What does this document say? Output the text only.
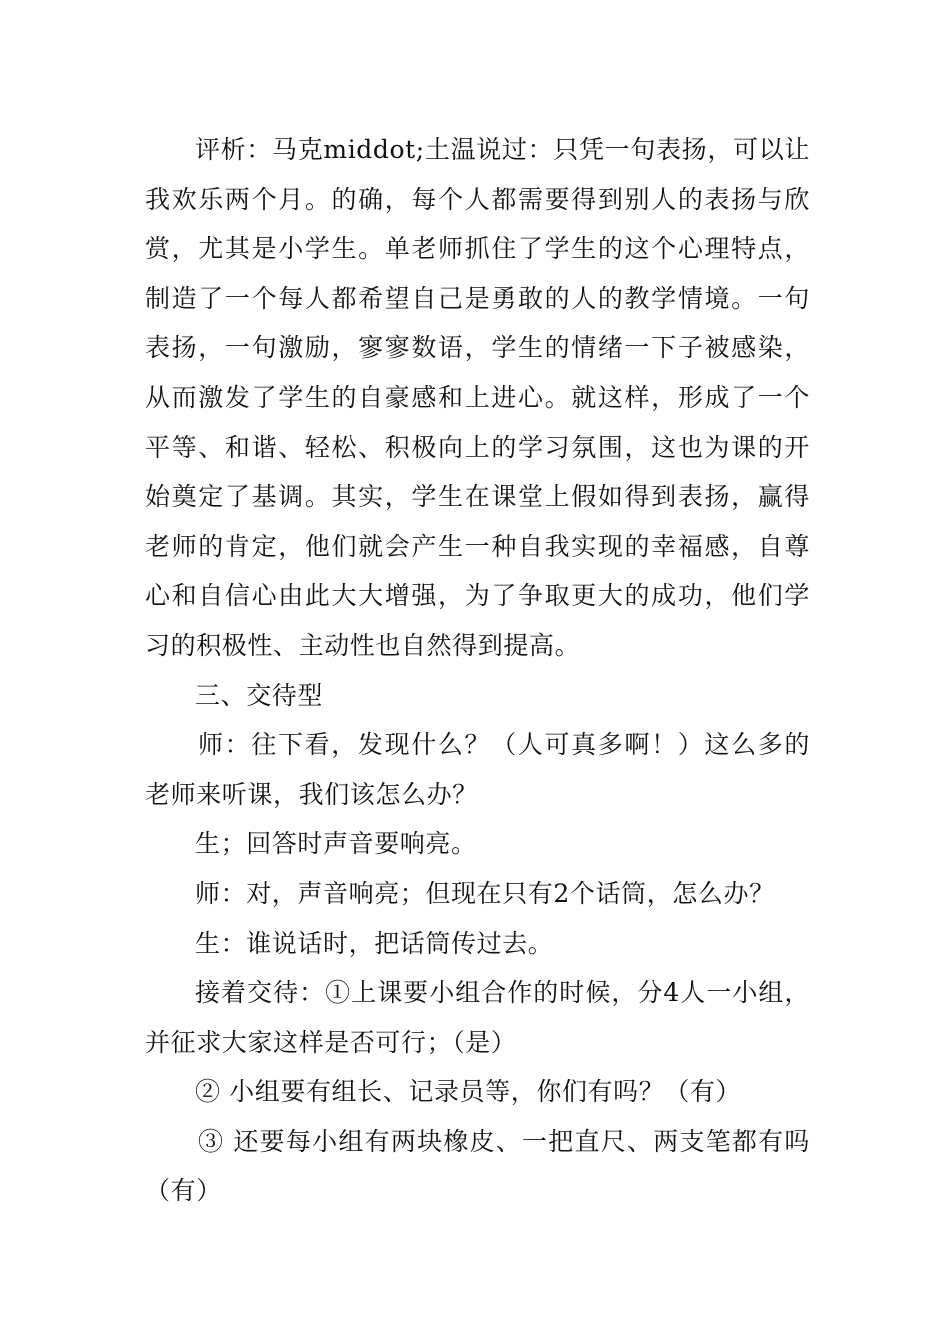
评析：马克middot;土温说过：只凭一句表扬，可以让我欢乐两个月。的确，每个人都需要得到别人的表扬与欣赏，尤其是小学生。单老师抓住了学生的这个心理特点，制造了一个每人都希望自己是勇敢的人的教学情境。一句表扬，一句激励，寥寥数语，学生的情绪一下子被感染，从而激发了学生的自豪感和上进心。就这样，形成了一个平等、和谐、轻松、积极向上的学习氛围，这也为课的开始奠定了基调。其实，学生在课堂上假如得到表扬，赢得老师的肯定，他们就会产生一种自我实现的幸福感，自尊心和自信心由此大大增强，为了争取更大的成功，他们学习的积极性、主动性也自然得到提高。

三、交待型

师：往下看，发现什么？（人可真多啊！）这么多的老师来听课，我们该怎么办？

生；回答时声音要响亮。

师：对，声音响亮；但现在只有2个话筒，怎么办？

生：谁说话时，把话筒传过去。

接着交待：①上课要小组合作的时候，分4人一小组，并征求大家这样是否可行；（是）

② 小组要有组长、记录员等，你们有吗？（有）

③ 还要每小组有两块橡皮、一把直尺、两支笔都有吗（有）
